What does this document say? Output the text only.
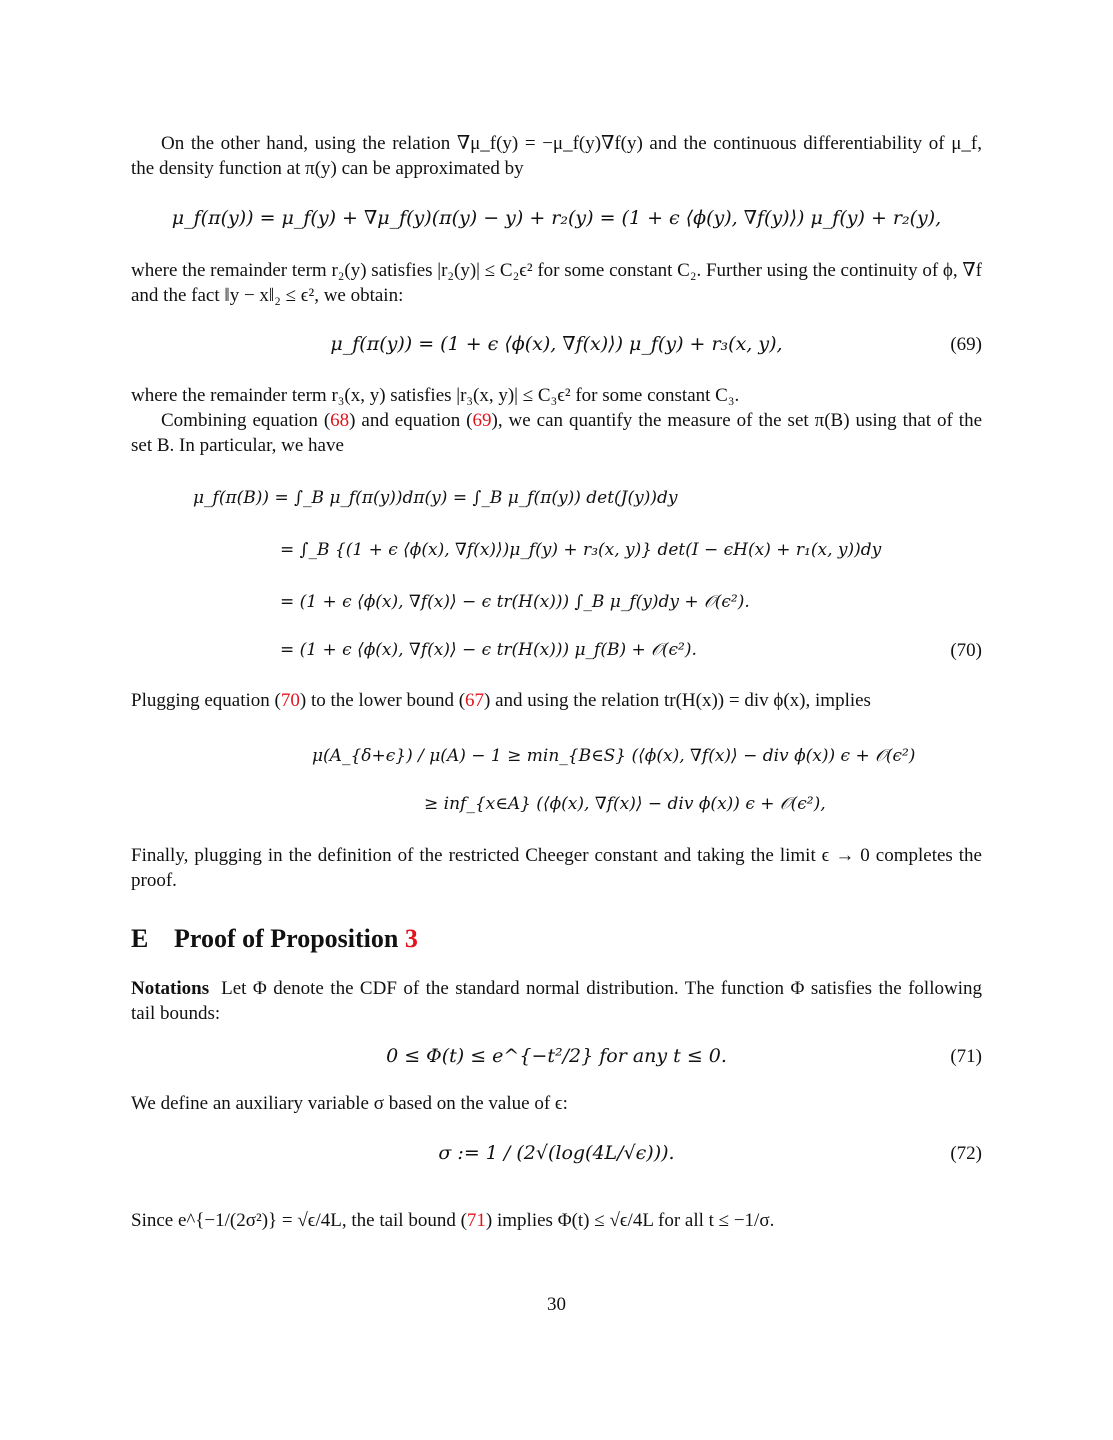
On the other hand, using the relation ∇μ_f(y) = −μ_f(y)∇f(y) and the continuous differentiability of μ_f, the density function at π(y) can be approximated by

μ_f(π(y)) = μ_f(y) + ∇μ_f(y)(π(y) − y) + r₂(y) = (1 + ϵ ⟨ϕ(y), ∇f(y)⟩) μ_f(y) + r₂(y),

where the remainder term r₂(y) satisfies |r₂(y)| ≤ C₂ϵ² for some constant C₂. Further using the continuity of ϕ, ∇f and the fact ‖y − x‖₂ ≤ ϵ², we obtain:

μ_f(π(y)) = (1 + ϵ ⟨ϕ(x), ∇f(x)⟩) μ_f(y) + r₃(x, y),	(69)

where the remainder term r₃(x, y) satisfies |r₃(x, y)| ≤ C₃ϵ² for some constant C₃.

Combining equation (68) and equation (69), we can quantify the measure of the set π(B) using that of the set B. In particular, we have

μ_f(π(B)) = ∫_B μ_f(π(y))dπ(y) = ∫_B μ_f(π(y)) det(J(y))dy
= ∫_B {(1 + ϵ ⟨ϕ(x), ∇f(x)⟩)μ_f(y) + r₃(x, y)} det(I − ϵH(x) + r₁(x, y))dy
= (1 + ϵ ⟨ϕ(x), ∇f(x)⟩ − ϵ tr(H(x))) ∫_B μ_f(y)dy + 𝒪(ϵ²).
= (1 + ϵ ⟨ϕ(x), ∇f(x)⟩ − ϵ tr(H(x))) μ_f(B) + 𝒪(ϵ²).	(70)

Plugging equation (70) to the lower bound (67) and using the relation tr(H(x)) = div ϕ(x), implies

μ(A_{δ+ϵ}) / μ(A) − 1 ≥ min_{B∈S} (⟨ϕ(x), ∇f(x)⟩ − div ϕ(x)) ϵ + 𝒪(ϵ²)
≥ inf_{x∈A} (⟨ϕ(x), ∇f(x)⟩ − div ϕ(x)) ϵ + 𝒪(ϵ²),

Finally, plugging in the definition of the restricted Cheeger constant and taking the limit ϵ → 0 completes the proof.

E Proof of Proposition 3

Notations Let Φ denote the CDF of the standard normal distribution. The function Φ satisfies the following tail bounds:

0 ≤ Φ(t) ≤ e^{−t²/2} for any t ≤ 0.	(71)

We define an auxiliary variable σ based on the value of ϵ:

σ := 1 / (2√(log(4L/√ϵ))).	(72)

Since e^{−1/(2σ²)} = √ϵ/4L, the tail bound (71) implies Φ(t) ≤ √ϵ/4L for all t ≤ −1/σ.

30
